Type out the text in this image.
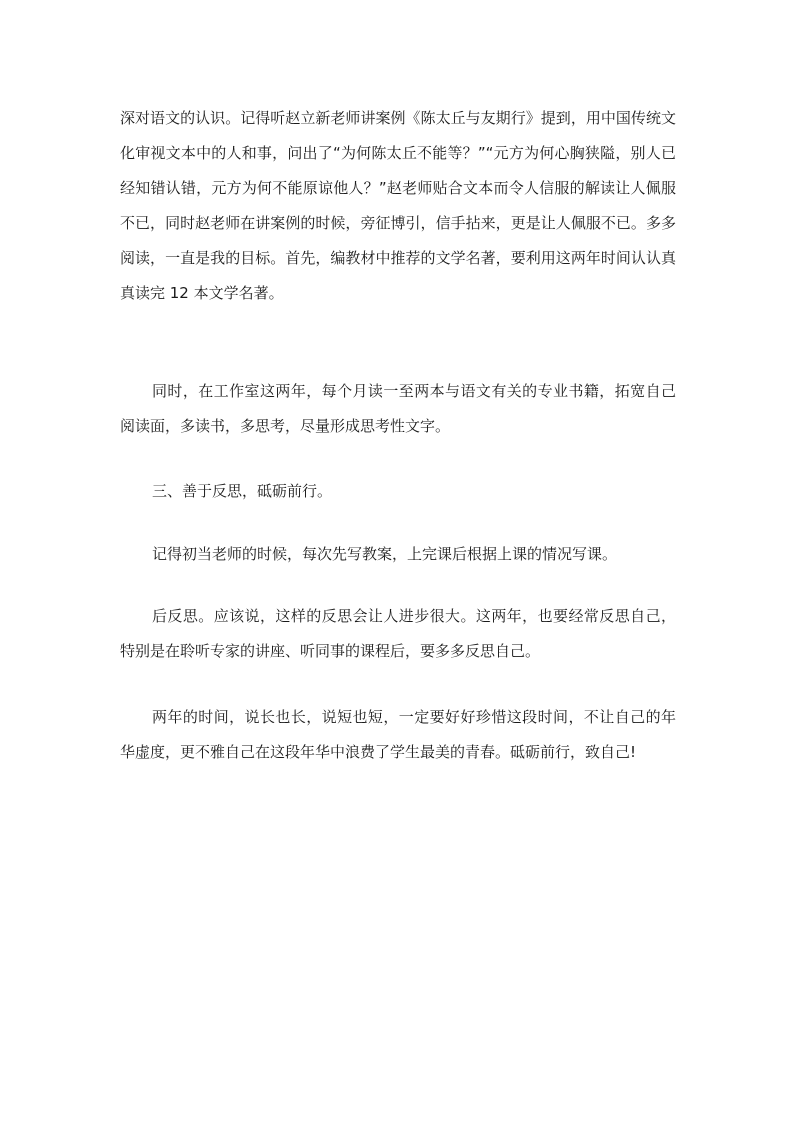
深对语文的认识。记得听赵立新老师讲案例《陈太丘与友期行》提到，用中国传统文化审视文本中的人和事，问出了“为何陈太丘不能等？”“元方为何心胸狭隘，别人已经知错认错，元方为何不能原谅他人？”赵老师贴合文本而令人信服的解读让人佩服不已，同时赵老师在讲案例的时候，旁征博引，信手拈来，更是让人佩服不已。多多阅读，一直是我的目标。首先，编教材中推荐的文学名著，要利用这两年时间认认真真读完 12 本文学名著。

同时，在工作室这两年，每个月读一至两本与语文有关的专业书籍，拓宽自己阅读面，多读书，多思考，尽量形成思考性文字。

三、善于反思，砥砺前行。

记得初当老师的时候，每次先写教案，上完课后根据上课的情况写课。

后反思。应该说，这样的反思会让人进步很大。这两年，也要经常反思自己，特别是在聆听专家的讲座、听同事的课程后，要多多反思自己。

两年的时间，说长也长，说短也短，一定要好好珍惜这段时间，不让自己的年华虚度，更不雅自己在这段年华中浪费了学生最美的青春。砥砺前行，致自己!
